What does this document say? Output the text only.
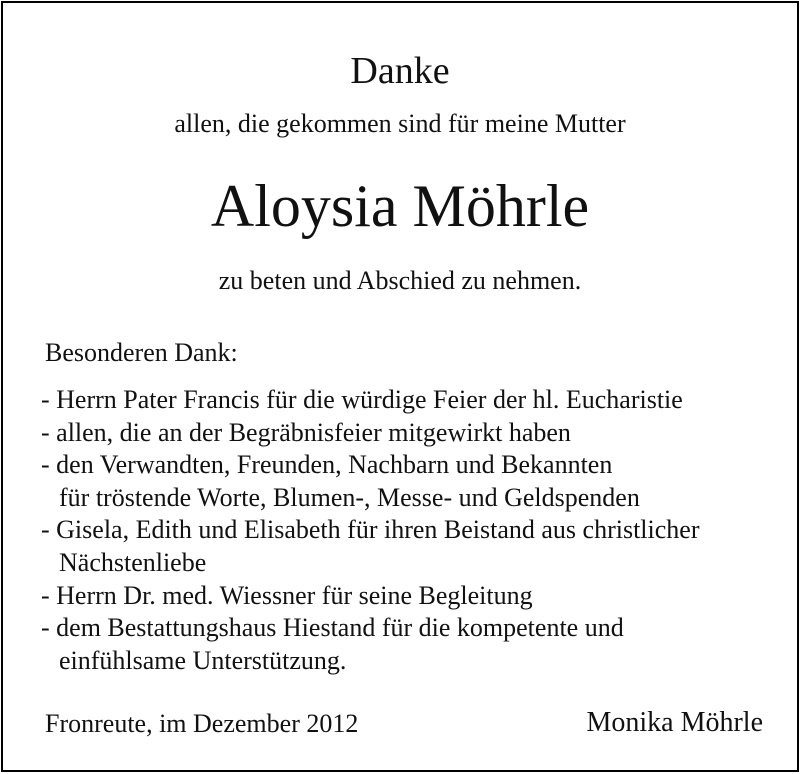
Danke
allen, die gekommen sind für meine Mutter
Aloysia Möhrle
zu beten und Abschied zu nehmen.
Besonderen Dank:
- Herrn Pater Francis für die würdige Feier der hl. Eucharistie
- allen, die an der Begräbnisfeier mitgewirkt haben
- den Verwandten, Freunden, Nachbarn und Bekannten
für tröstende Worte, Blumen-, Messe- und Geldspenden
- Gisela, Edith und Elisabeth für ihren Beistand aus christlicher
Nächstenliebe
- Herrn Dr. med. Wiessner für seine Begleitung
- dem Bestattungshaus Hiestand für die kompetente und
einfühlsame Unterstützung.
Fronreute, im Dezember 2012	Monika Möhrle
